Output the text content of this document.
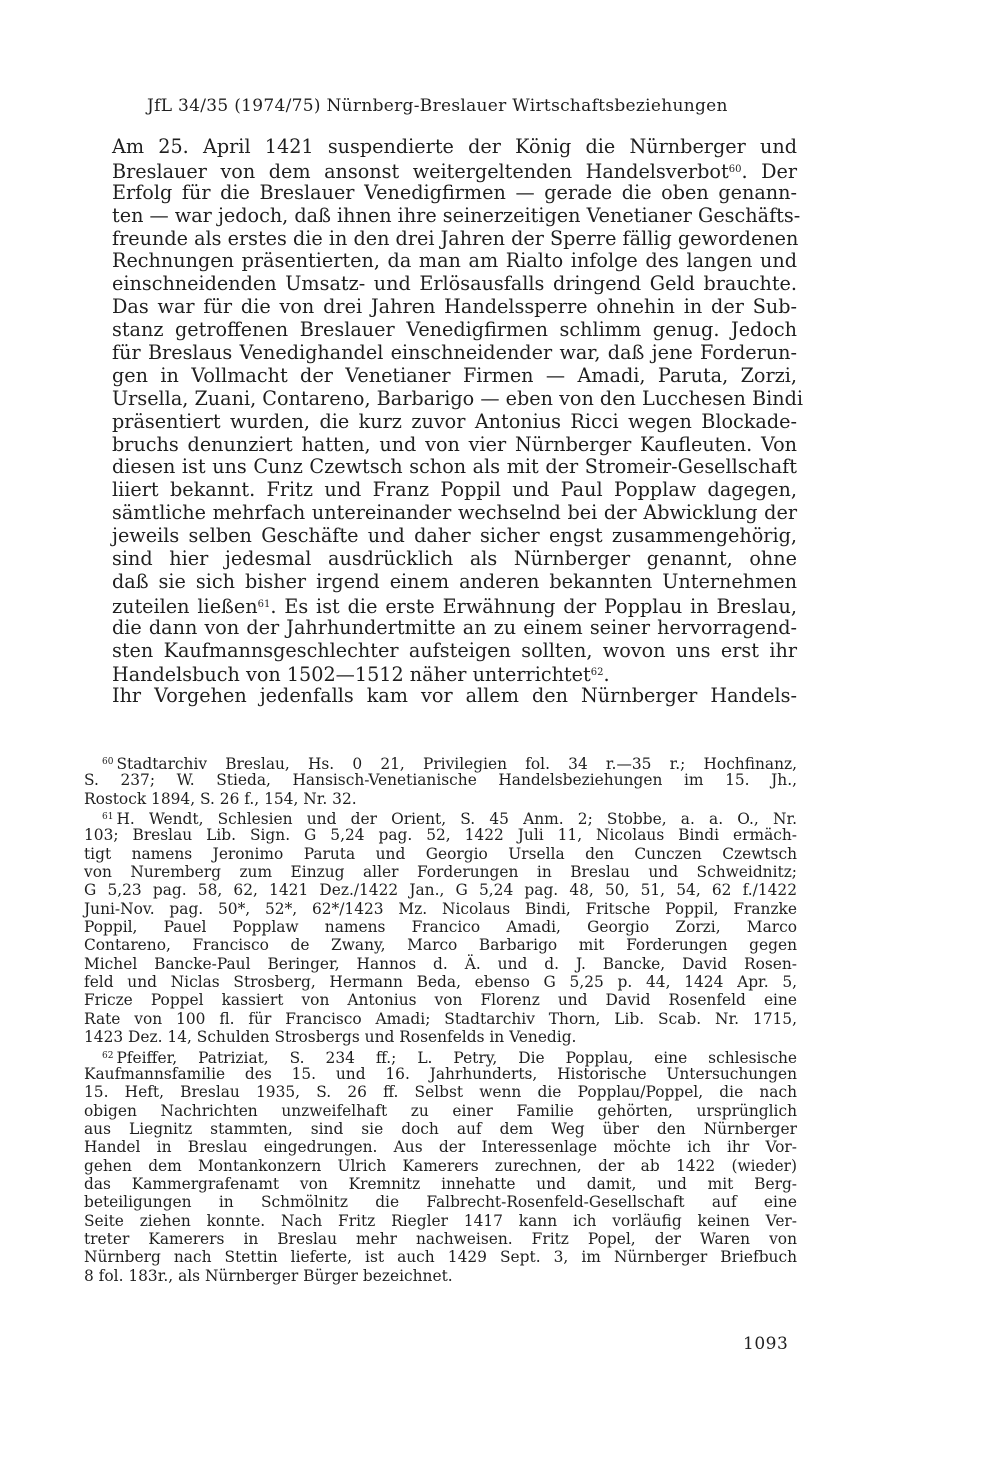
JfL 34/35 (1974/75) Nürnberg-Breslauer Wirtschaftsbeziehungen
Am 25. April 1421 suspendierte der König die Nürnberger und
Breslauer von dem ansonst weitergeltenden Handelsverbot$^{60}$. Der
Erfolg für die Breslauer Venedigfirmen — gerade die oben genann-
ten — war jedoch, daß ihnen ihre seinerzeitigen Venetianer Geschäfts-
freunde als erstes die in den drei Jahren der Sperre fällig gewordenen
Rechnungen präsentierten, da man am Rialto infolge des langen und
einschneidenden Umsatz- und Erlösausfalls dringend Geld brauchte.
Das war für die von drei Jahren Handelssperre ohnehin in der Sub-
stanz getroffenen Breslauer Venedigfirmen schlimm genug. Jedoch
für Breslaus Venedighandel einschneidender war, daß jene Forderun-
gen in Vollmacht der Venetianer Firmen — Amadi, Paruta, Zorzi,
Ursella, Zuani, Contareno, Barbarigo — eben von den Lucchesen Bindi
präsentiert wurden, die kurz zuvor Antonius Ricci wegen Blockade-
bruchs denunziert hatten, und von vier Nürnberger Kaufleuten. Von
diesen ist uns Cunz Czewtsch schon als mit der Stromeir-Gesellschaft
liiert bekannt. Fritz und Franz Poppil und Paul Popplaw dagegen,
sämtliche mehrfach untereinander wechselnd bei der Abwicklung der
jeweils selben Geschäfte und daher sicher engst zusammengehörig,
sind hier jedesmal ausdrücklich als Nürnberger genannt, ohne
daß sie sich bisher irgend einem anderen bekannten Unternehmen
zuteilen ließen$^{61}$. Es ist die erste Erwähnung der Popplau in Breslau,
die dann von der Jahrhundertmitte an zu einem seiner hervorragend-
sten Kaufmannsgeschlechter aufsteigen sollten, wovon uns erst ihr
Handelsbuch von 1502—1512 näher unterrichtet$^{62}$.
Ihr Vorgehen jedenfalls kam vor allem den Nürnberger Handels-
$^{60}$ Stadtarchiv Breslau, Hs. 0 21, Privilegien fol. 34 r.—35 r.; Hochfinanz,
S. 237; W. Stieda, Hansisch-Venetianische Handelsbeziehungen im 15. Jh.,
Rostock 1894, S. 26 f., 154, Nr. 32.
$^{61}$ H. Wendt, Schlesien und der Orient, S. 45 Anm. 2; Stobbe, a. a. O., Nr.
103; Breslau Lib. Sign. G 5,24 pag. 52, 1422 Juli 11, Nicolaus Bindi ermäch-
tigt namens Jeronimo Paruta und Georgio Ursella den Cunczen Czewtsch
von Nuremberg zum Einzug aller Forderungen in Breslau und Schweidnitz;
G 5,23 pag. 58, 62, 1421 Dez./1422 Jan., G 5,24 pag. 48, 50, 51, 54, 62 f./1422
Juni-Nov. pag. 50*, 52*, 62*/1423 Mz. Nicolaus Bindi, Fritsche Poppil, Franzke
Poppil, Pauel Popplaw namens Francico Amadi, Georgio Zorzi, Marco
Contareno, Francisco de Zwany, Marco Barbarigo mit Forderungen gegen
Michel Bancke-Paul Beringer, Hannos d. Ä. und d. J. Bancke, David Rosen-
feld und Niclas Strosberg, Hermann Beda, ebenso G 5,25 p. 44, 1424 Apr. 5,
Fricze Poppel kassiert von Antonius von Florenz und David Rosenfeld eine
Rate von 100 fl. für Francisco Amadi; Stadtarchiv Thorn, Lib. Scab. Nr. 1715,
1423 Dez. 14, Schulden Strosbergs und Rosenfelds in Venedig.
$^{62}$ Pfeiffer, Patriziat, S. 234 ff.; L. Petry, Die Popplau, eine schlesische
Kaufmannsfamilie des 15. und 16. Jahrhunderts, Historische Untersuchungen
15. Heft, Breslau 1935, S. 26 ff. Selbst wenn die Popplau/Poppel, die nach
obigen Nachrichten unzweifelhaft zu einer Familie gehörten, ursprünglich
aus Liegnitz stammten, sind sie doch auf dem Weg über den Nürnberger
Handel in Breslau eingedrungen. Aus der Interessenlage möchte ich ihr Vor-
gehen dem Montankonzern Ulrich Kamerers zurechnen, der ab 1422 (wieder)
das Kammergrafenamt von Kremnitz innehatte und damit, und mit Berg-
beteiligungen in Schmölnitz die Falbrecht-Rosenfeld-Gesellschaft auf eine
Seite ziehen konnte. Nach Fritz Riegler 1417 kann ich vorläufig keinen Ver-
treter Kamerers in Breslau mehr nachweisen. Fritz Popel, der Waren von
Nürnberg nach Stettin lieferte, ist auch 1429 Sept. 3, im Nürnberger Briefbuch
8 fol. 183r., als Nürnberger Bürger bezeichnet.
1093
